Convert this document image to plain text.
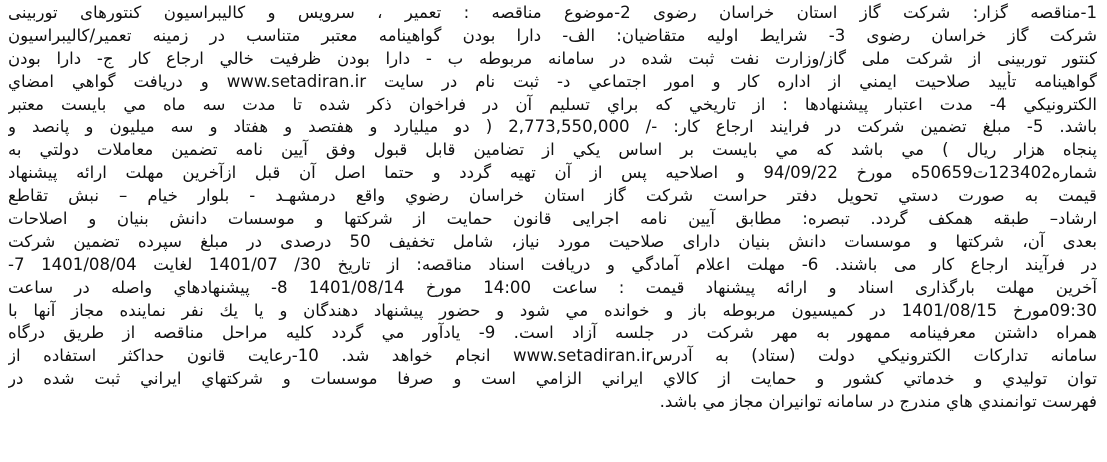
1-مناقصه گزار: شرکت گاز استان خراسان رضوی 2-موضوع مناقصه : تعمیر ، سرویس و کالیبراسیون کنتورهای توربینی
شرکت گاز خراسان رضوی 3- شرایط اولیه متقاضیان: الف- دارا بودن گواهینامه معتبر متناسب در زمینه تعمیر/کالیبراسیون
کنتور توربینی از شرکت ملی گاز/وزارت نفت ثبت شده در سامانه مربوطه ب - دارا بودن ظرفيت خالي ارجاع كار ج- دارا بودن
گواهينامه تأييد صلاحيت ايمني از اداره كار و امور اجتماعي د- ثبت نام در سايت www.setadiran.ir و دریافت گواهي امضاي
الكترونيكي 4- مدت اعتبار پيشنهادها : از تاريخي كه براي تسليم آن در فراخوان ذكر شده تا مدت سه ماه مي بايست معتبر
باشد. 5- مبلغ تضمين شركت در فرايند ارجاع كار: -/ 2,773,550,000 ( دو ميليارد و هفتصد و هفتاد و سه ميليون و پانصد و
پنجاه هزار ريال ) مي باشد كه مي بايست بر اساس يكي از تضامين قابل قبول وفق آيين نامه تضمين معاملات دولتي به
شماره123402ت50659ه مورخ 94/09/22 و اصلاحيه پس از آن تهيه گردد و حتما اصل آن قبل ازآخرین مهلت ارائه پيشنهاد
قيمت به صورت دستي تحويل دفتر حراست شركت گاز استان خراسان رضوي واقع درمشهـد - بلوار خيام – نبش تقاطع
ارشاد– طبقه همكف گردد. تبصره: مطابق آیین نامه اجرایی قانون حمایت از شرکتها و موسسات دانش بنیان و اصلاحات
بعدی آن، شرکتها و موسسات دانش بنیان دارای صلاحیت مورد نیاز، شامل تخفیف 50 درصدی در مبلغ سپرده تضمین شرکت
در فرآیند ارجاع کار می باشند. 6- مهلت اعلام آمادگي و دريافت اسناد مناقصه: از تاريخ 30/ 1401/07 لغايت 1401/08/04 7-
آخرين مهلت بارگذاری اسناد و ارائه پيشنهاد قيمت : ساعت 14:00 مورخ 1401/08/14 8- پيشنهادهاي واصله در ساعت
09:30مورخ 1401/08/15 در كميسيون مربوطه باز و خوانده مي شود و حضور پيشنهاد دهندگان و يا يك نفر نماينده مجاز آنها با
همراه داشتن معرفينامه ممهور به مهر شركت در جلسه آزاد است. 9- يادآور مي گردد كليه مراحل مناقصه از طريق درگاه
سامانه تداركات الكترونيكي دولت (ستاد) به آدرسwww.setadiran.ir انجام خواهد شد. 10-رعايت قانون حداكثر استفاده از
توان توليدي و خدماتي كشور و حمايت از كالاي ايراني الزامي است و صرفا موسسات و شركتهاي ايراني ثبت شده در
فهرست توانمندي هاي مندرج در سامانه توانيران مجاز مي باشد.
